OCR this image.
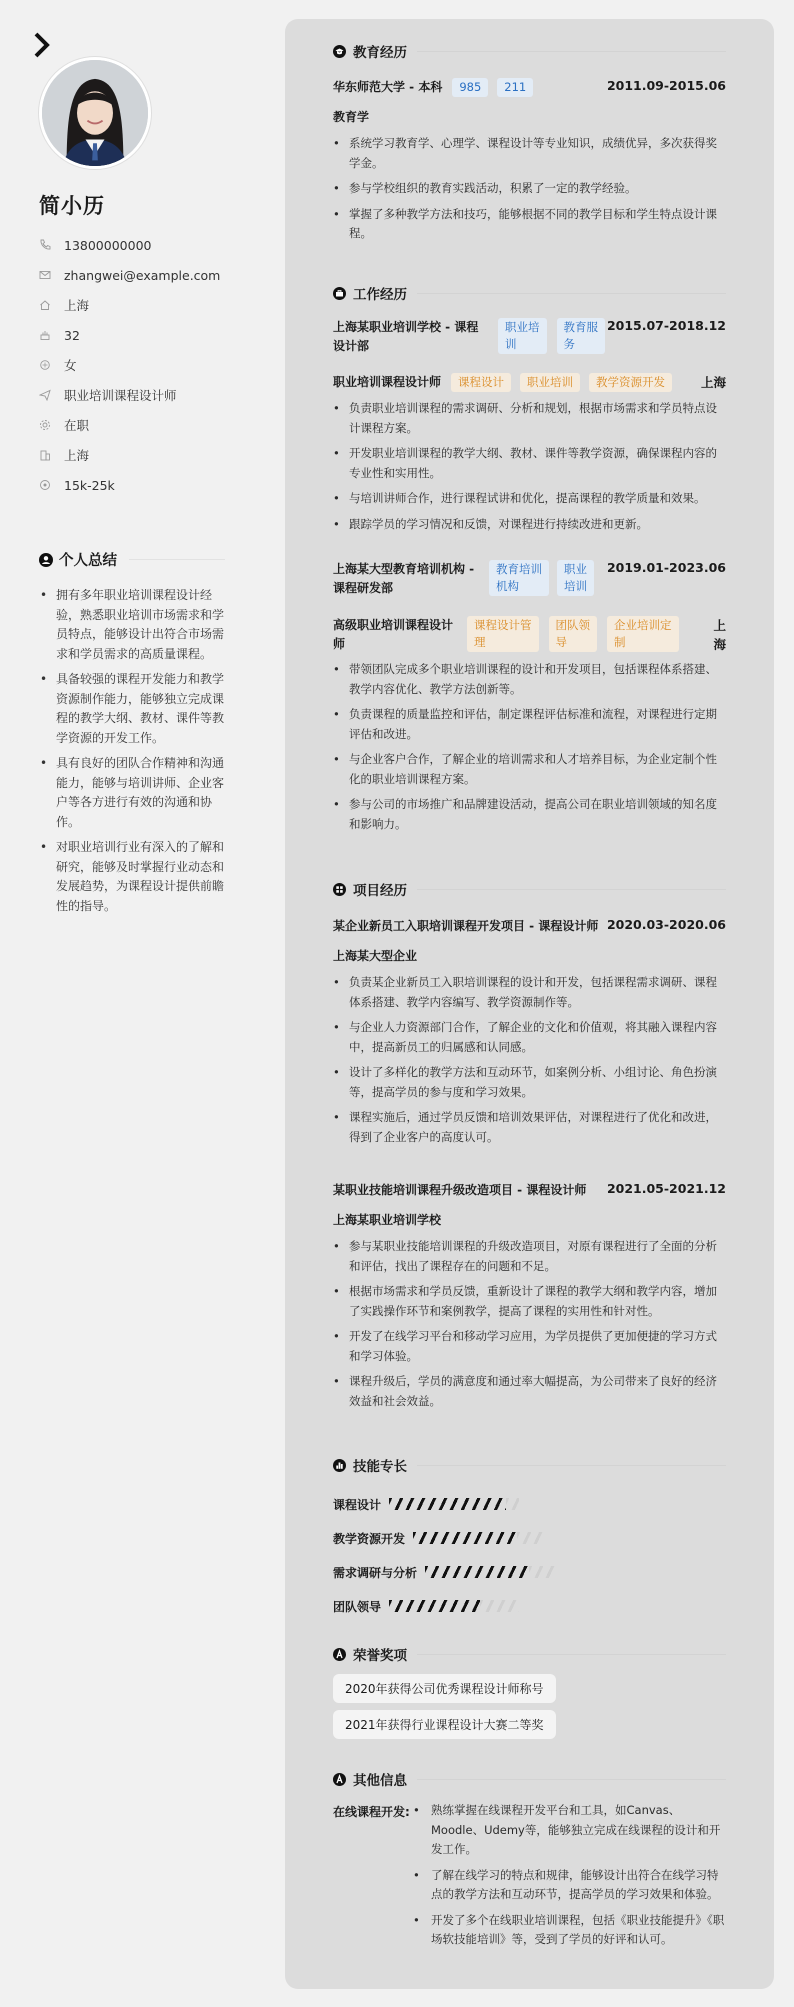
简小历
13800000000
zhangwei@example.com
上海
32
女
职业培训课程设计师
在职
上海
15k-25k
个人总结
• 拥有多年职业培训课程设计经验，熟悉职业培训市场需求和学员特点，能够设计出符合市场需求和学员需求的高质量课程。
• 具备较强的课程开发能力和教学资源制作能力，能够独立完成课程的教学大纲、教材、课件等教学资源的开发工作。
• 具有良好的团队合作精神和沟通能力，能够与培训讲师、企业客户等各方进行有效的沟通和协作。
• 对职业培训行业有深入的了解和研究，能够及时掌握行业动态和发展趋势，为课程设计提供前瞻性的指导。
教育经历
华东师范大学 - 本科	985	211	2011.09-2015.06
教育学
• 系统学习教育学、心理学、课程设计等专业知识，成绩优异，多次获得奖学金。
• 参与学校组织的教育实践活动，积累了一定的教学经验。
• 掌握了多种教学方法和技巧，能够根据不同的教学目标和学生特点设计课程。
工作经历
上海某职业培训学校 - 课程
设计部
职业培
训
教育服
务
2015.07-2018.12
职业培训课程设计师	课程设计	职业培训	教学资源开发	上海
• 负责职业培训课程的需求调研、分析和规划，根据市场需求和学员特点设计课程方案。
• 开发职业培训课程的教学大纲、教材、课件等教学资源，确保课程内容的专业性和实用性。
• 与培训讲师合作，进行课程试讲和优化，提高课程的教学质量和效果。
• 跟踪学员的学习情况和反馈，对课程进行持续改进和更新。
上海某大型教育培训机构 -
课程研发部
教育培训
机构
职业
培训
2019.01-2023.06
高级职业培训课程设计
师
课程设计管
理
团队领
导
企业培训定
制
上
海
• 带领团队完成多个职业培训课程的设计和开发项目，包括课程体系搭建、教学内容优化、教学方法创新等。
• 负责课程的质量监控和评估，制定课程评估标准和流程，对课程进行定期评估和改进。
• 与企业客户合作，了解企业的培训需求和人才培养目标，为企业定制个性化的职业培训课程方案。
• 参与公司的市场推广和品牌建设活动，提高公司在职业培训领域的知名度和影响力。
项目经历
某企业新员工入职培训课程开发项目 - 课程设计师 2020.03-2020.06
上海某大型企业
• 负责某企业新员工入职培训课程的设计和开发，包括课程需求调研、课程体系搭建、教学内容编写、教学资源制作等。
• 与企业人力资源部门合作，了解企业的文化和价值观，将其融入课程内容中，提高新员工的归属感和认同感。
• 设计了多样化的教学方法和互动环节，如案例分析、小组讨论、角色扮演等，提高学员的参与度和学习效果。
• 课程实施后，通过学员反馈和培训效果评估，对课程进行了优化和改进，得到了企业客户的高度认可。
某职业技能培训课程升级改造项目 - 课程设计师 2021.05-2021.12
上海某职业培训学校
• 参与某职业技能培训课程的升级改造项目，对原有课程进行了全面的分析和评估，找出了课程存在的问题和不足。
• 根据市场需求和学员反馈，重新设计了课程的教学大纲和教学内容，增加了实践操作环节和案例教学，提高了课程的实用性和针对性。
• 开发了在线学习平台和移动学习应用，为学员提供了更加便捷的学习方式和学习体验。
• 课程升级后，学员的满意度和通过率大幅提高，为公司带来了良好的经济效益和社会效益。
技能专长
课程设计
教学资源开发
需求调研与分析
团队领导
荣誉奖项
2020年获得公司优秀课程设计师称号
2021年获得行业课程设计大赛二等奖
其他信息
在线课程开发:
•	熟练掌握在线课程开发平台和工具，如Canvas、Moodle、Udemy等，能够独立完成在线课程的设计和开发工作。
• 了解在线学习的特点和规律，能够设计出符合在线学习特点的教学方法和互动环节，提高学员的学习效果和体验。
• 开发了多个在线职业培训课程，包括《职业技能提升》《职场软技能培训》等，受到了学员的好评和认可。
